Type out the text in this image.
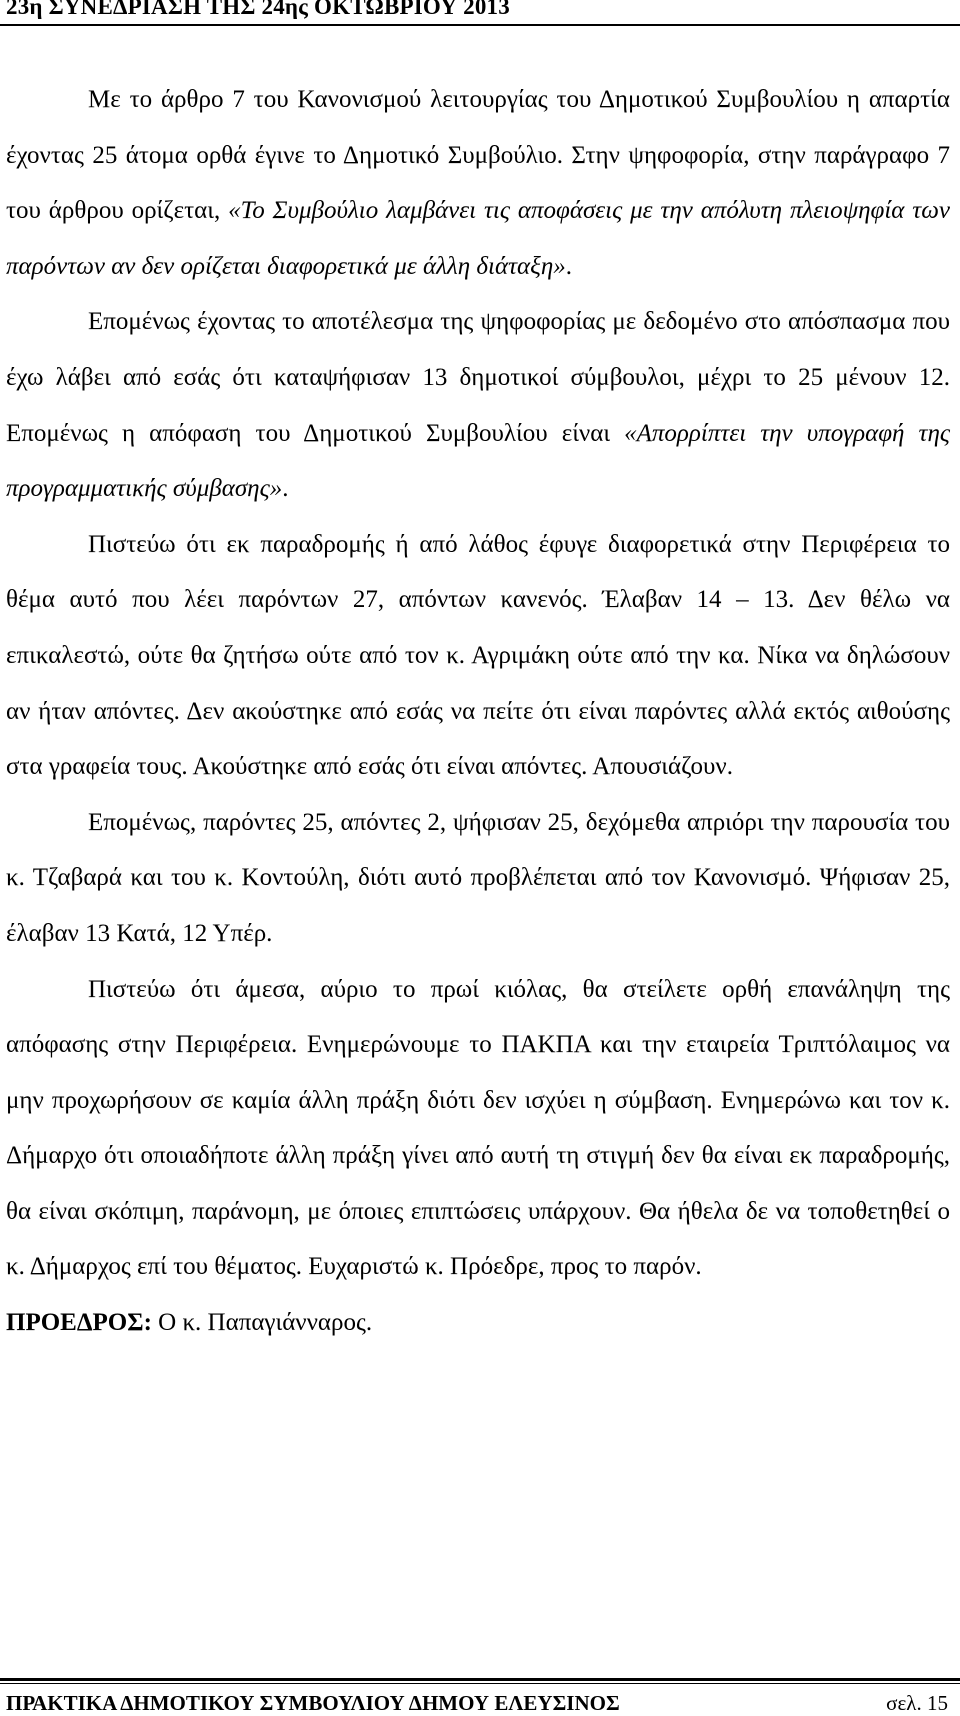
23η ΣΥΝΕΔΡΙΑΣΗ ΤΗΣ 24ης ΟΚΤΩΒΡΙΟΥ 2013

Με το άρθρο 7 του Κανονισμού λειτουργίας του Δημοτικού Συμβουλίου η απαρτία έχοντας 25 άτομα ορθά έγινε το Δημοτικό Συμβούλιο. Στην ψηφοφορία, στην παράγραφο 7 του άρθρου ορίζεται, «Το Συμβούλιο λαμβάνει τις αποφάσεις με την απόλυτη πλειοψηφία των παρόντων αν δεν ορίζεται διαφορετικά με άλλη διάταξη».

Επομένως έχοντας το αποτέλεσμα της ψηφοφορίας με δεδομένο στο απόσπασμα που έχω λάβει από εσάς ότι καταψήφισαν 13 δημοτικοί σύμβουλοι, μέχρι το 25 μένουν 12. Επομένως η απόφαση του Δημοτικού Συμβουλίου είναι «Απορρίπτει την υπογραφή της προγραμματικής σύμβασης».

Πιστεύω ότι εκ παραδρομής ή από λάθος έφυγε διαφορετικά στην Περιφέρεια το θέμα αυτό που λέει παρόντων 27, απόντων κανενός. Έλαβαν 14 – 13. Δεν θέλω να επικαλεστώ, ούτε θα ζητήσω ούτε από τον κ. Αγριμάκη ούτε από την κα. Νίκα να δηλώσουν αν ήταν απόντες. Δεν ακούστηκε από εσάς να πείτε ότι είναι παρόντες αλλά εκτός αιθούσης στα γραφεία τους. Ακούστηκε από εσάς ότι είναι απόντες. Απουσιάζουν.

Επομένως, παρόντες 25, απόντες 2, ψήφισαν 25, δεχόμεθα απριόρι την παρουσία του κ. Τζαβαρά και του κ. Κοντούλη, διότι αυτό προβλέπεται από τον Κανονισμό. Ψήφισαν 25, έλαβαν 13 Κατά, 12 Υπέρ.

Πιστεύω ότι άμεσα, αύριο το πρωί κιόλας, θα στείλετε ορθή επανάληψη της απόφασης στην Περιφέρεια. Ενημερώνουμε το ΠΑΚΠΑ και την εταιρεία Τριπτόλαιμος να μην προχωρήσουν σε καμία άλλη πράξη διότι δεν ισχύει η σύμβαση. Ενημερώνω και τον κ. Δήμαρχο ότι οποιαδήποτε άλλη πράξη γίνει από αυτή τη στιγμή δεν θα είναι εκ παραδρομής, θα είναι σκόπιμη, παράνομη, με όποιες επιπτώσεις υπάρχουν. Θα ήθελα δε να τοποθετηθεί ο κ. Δήμαρχος επί του θέματος. Ευχαριστώ κ. Πρόεδρε, προς το παρόν.

ΠΡΟΕΔΡΟΣ: Ο κ. Παπαγιάνναρος.

ΠΡΑΚΤΙΚΑ ΔΗΜΟΤΙΚΟΥ ΣΥΜΒΟΥΛΙΟΥ ΔΗΜΟΥ ΕΛΕΥΣΙΝΟΣ	σελ. 15
